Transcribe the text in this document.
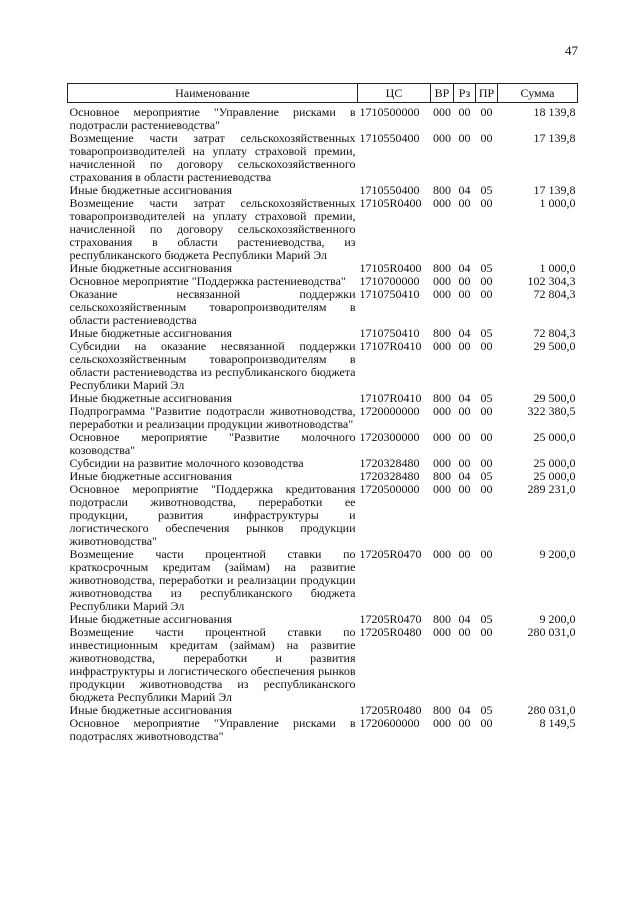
47
Наименование	ЦС	ВР	Рз	ПР	Сумма

Основное мероприятие "Управление рисками в подотрасли растениеводства"	1710500000	000	00	00	18 139,8
Возмещение части затрат сельскохозяйственных товаропроизводителей на уплату страховой премии, начисленной по договору сельскохозяйственного страхования в области растениеводства	1710550400	000	00	00	17 139,8
Иные бюджетные ассигнования	1710550400	800	04	05	17 139,8
Возмещение части затрат сельскохозяйственных товаропроизводителей на уплату страховой премии, начисленной по договору сельскохозяйственного страхования в области растениеводства, из республиканского бюджета Республики Марий Эл	17105R0400	000	00	00	1 000,0
Иные бюджетные ассигнования	17105R0400	800	04	05	1 000,0
Основное мероприятие "Поддержка растениеводства"	1710700000	000	00	00	102 304,3
Оказание несвязанной поддержки сельскохозяйственным товаропроизводителям в области растениеводства	1710750410	000	00	00	72 804,3
Иные бюджетные ассигнования	1710750410	800	04	05	72 804,3
Субсидии на оказание несвязанной поддержки сельскохозяйственным товаропроизводителям в области растениеводства из республиканского бюджета Республики Марий Эл	17107R0410	000	00	00	29 500,0
Иные бюджетные ассигнования	17107R0410	800	04	05	29 500,0
Подпрограмма "Развитие подотрасли животноводства, переработки и реализации продукции животноводства"	1720000000	000	00	00	322 380,5
Основное мероприятие "Развитие молочного козоводства"	1720300000	000	00	00	25 000,0
Субсидии на развитие молочного козоводства	1720328480	000	00	00	25 000,0
Иные бюджетные ассигнования	1720328480	800	04	05	25 000,0
Основное мероприятие "Поддержка кредитования подотрасли животноводства, переработки ее продукции, развития инфраструктуры и логистического обеспечения рынков продукции животноводства"	1720500000	000	00	00	289 231,0
Возмещение части процентной ставки по краткосрочным кредитам (займам) на развитие животноводства, переработки и реализации продукции животноводства из республиканского бюджета Республики Марий Эл	17205R0470	000	00	00	9 200,0
Иные бюджетные ассигнования	17205R0470	800	04	05	9 200,0
Возмещение части процентной ставки по инвестиционным кредитам (займам) на развитие животноводства, переработки и развития инфраструктуры и логистического обеспечения рынков продукции животноводства из республиканского бюджета Республики Марий Эл	17205R0480	000	00	00	280 031,0
Иные бюджетные ассигнования	17205R0480	800	04	05	280 031,0
Основное мероприятие "Управление рисками в подотраслях животноводства"	1720600000	000	00	00	8 149,5
